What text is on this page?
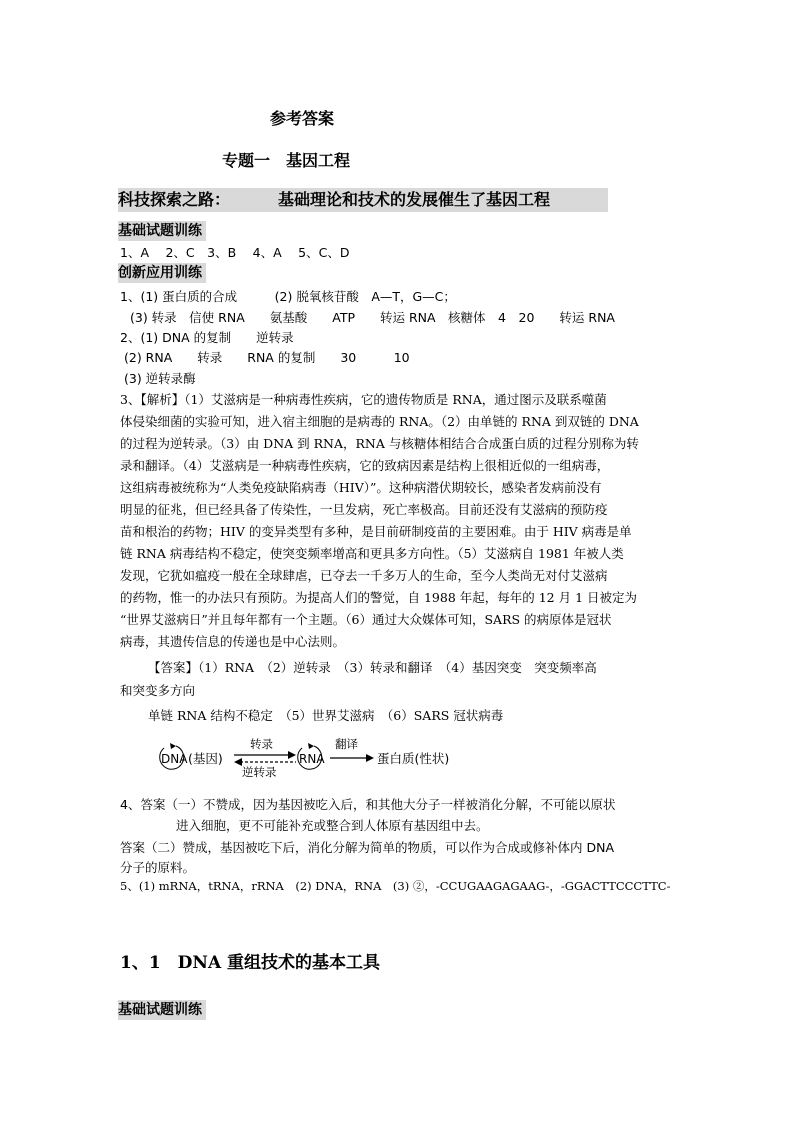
参考答案
专题一　基因工程
科技探索之路：	基础理论和技术的发展催生了基因工程
基础试题训练
1、A　 2、C　3、B　 4、A　 5、C、D
创新应用训练
1、(1) 蛋白质的合成　　　(2) 脱氧核苷酸　A—T，G—C；
(3) 转录　信使 RNA　　氨基酸　　ATP　　转运 RNA　核糖体　4　20　　转运 RNA
2、(1) DNA 的复制　　逆转录
(2) RNA　　转录　　RNA 的复制　　30　　　10
(3) 逆转录酶
3、【解析】（1）艾滋病是一种病毒性疾病，它的遗传物质是 RNA，通过图示及联系噬菌
体侵染细菌的实验可知，进入宿主细胞的是病毒的 RNA。（2）由单链的 RNA 到双链的 DNA
的过程为逆转录。（3）由 DNA 到 RNA，RNA 与核糖体相结合合成蛋白质的过程分别称为转
录和翻译。（4）艾滋病是一种病毒性疾病，它的致病因素是结构上很相近似的一组病毒，
这组病毒被统称为“人类免疫缺陷病毒（HIV）”。这种病潜伏期较长，感染者发病前没有
明显的征兆，但已经具备了传染性，一旦发病，死亡率极高。目前还没有艾滋病的预防疫
苗和根治的药物；HIV 的变异类型有多种，是目前研制疫苗的主要困难。由于 HIV 病毒是单
链 RNA 病毒结构不稳定，使突变频率增高和更具多方向性。（5）艾滋病自 1981 年被人类
发现，它犹如瘟疫一般在全球肆虐，已夺去一千多万人的生命，至今人类尚无对付艾滋病
的药物，惟一的办法只有预防。为提高人们的警觉，自 1988 年起，每年的 12 月 1 日被定为
“世界艾滋病日”并且每年都有一个主题。（6）通过大众媒体可知，SARS 的病原体是冠状
病毒，其遗传信息的传递也是中心法则。
【答案】（1）RNA　（2）逆转录　（3）转录和翻译　（4）基因突变　突变频率高
和突变多方向
单链 RNA 结构不稳定　（5）世界艾滋病　（6）SARS 冠状病毒
DNA (基因)
转录
逆转录
RNA
翻译
蛋白质(性状)
4、答案（一）不赞成，因为基因被吃入后，和其他大分子一样被消化分解，不可能以原状
进入细胞，更不可能补充或整合到人体原有基因组中去。
答案（二）赞成，基因被吃下后，消化分解为简单的物质，可以作为合成或修补体内 DNA
分子的原料。
5、(1) mRNA，tRNA，rRNA　(2) DNA，RNA　(3) ②，-CCUGAAGAGAAG-，-GGACTTCCCTTC-
1、1　DNA 重组技术的基本工具
基础试题训练
